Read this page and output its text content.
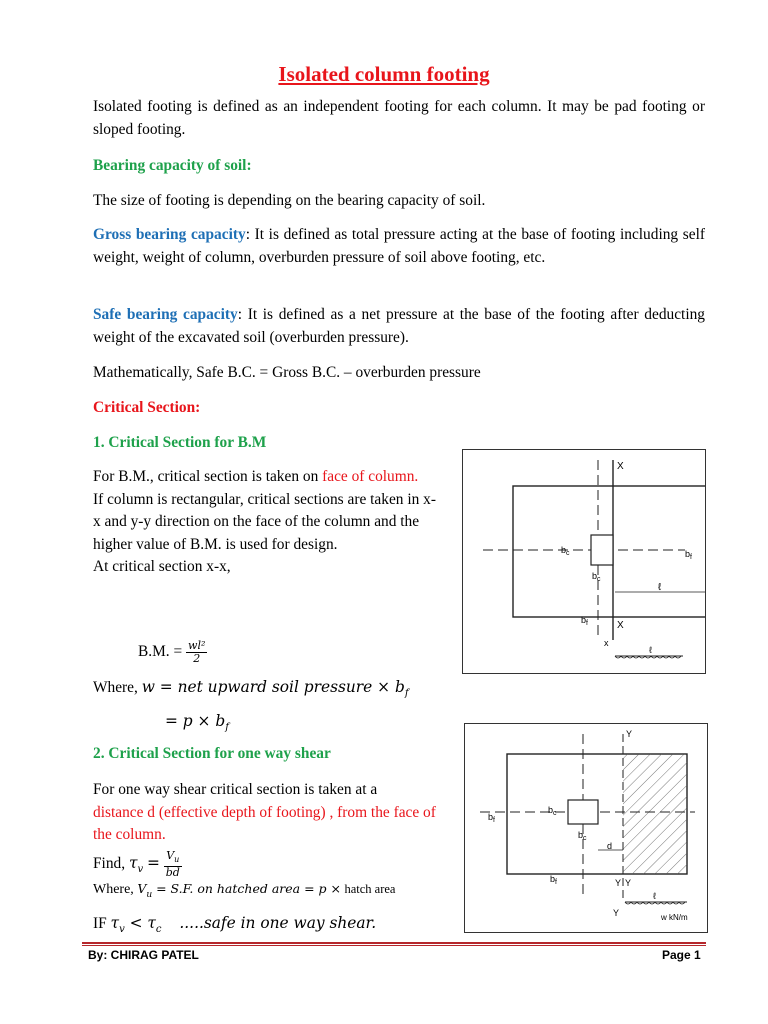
Isolated column footing

Isolated footing is defined as an independent footing for each column. It may be pad footing or sloped footing.

Bearing capacity of soil:

The size of footing is depending on the bearing capacity of soil.

Gross bearing capacity: It is defined as total pressure acting at the base of footing including self weight, weight of column, overburden pressure of soil above footing, etc.

Safe bearing capacity: It is defined as a net pressure at the base of the footing after deducting weight of the excavated soil (overburden pressure).

Mathematically, Safe B.C. = Gross B.C. – overburden pressure

Critical Section:

1. Critical Section for B.M

For B.M., critical section is taken on face of column.
If column is rectangular, critical sections are taken in x-x and y-y direction on the face of the column and the higher value of B.M. is used for design.
At critical section x-x,

B.M. = $\frac{\text{wl²}}{2}$
Where, w = net upward soil pressure × $b_f$
= $p \times b_f$

2. Critical Section for one way shear

For one way shear critical section is taken at a
distance d (effective depth of footing) , from the face of the column.

Find, $\tau_v = \frac{V_u}{bd}$
Where, $V_u = S.F$. on hatched area = p × hatch area
IF $\tau_v < \tau_c$ .....safe in one way shear.
X
X
x
$b_c$
$b_c$
$b_f$
$b_f$
ℓ
ℓ
d
Y
Y Y
Y
$b_c$
$b_c$
$b_f$
$b_f$
ℓ
w kN/m
By: CHIRAG PATEL	Page 1
